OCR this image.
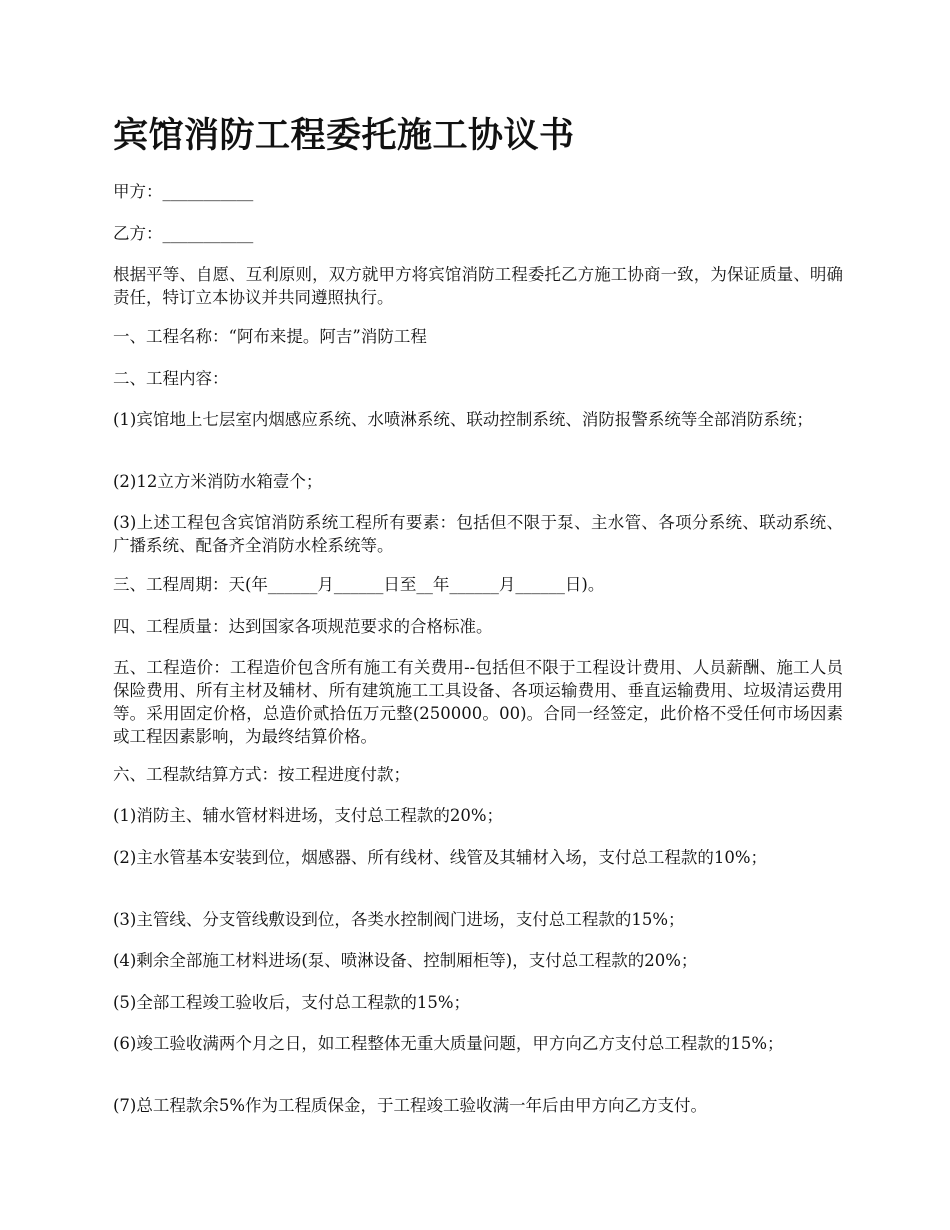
宾馆消防工程委托施工协议书

甲方：___________

乙方：___________

根据平等、自愿、互利原则，双方就甲方将宾馆消防工程委托乙方施工协商一致，为保证质量、明确责任，特订立本协议并共同遵照执行。

一、工程名称：“阿布来提。阿吉”消防工程

二、工程内容：

(1)宾馆地上七层室内烟感应系统、水喷淋系统、联动控制系统、消防报警系统等全部消防系统；

(2)12立方米消防水箱壹个；

(3)上述工程包含宾馆消防系统工程所有要素：包括但不限于泵、主水管、各项分系统、联动系统、广播系统、配备齐全消防水栓系统等。

三、工程周期：天(年______月______日至__年______月______日)。

四、工程质量：达到国家各项规范要求的合格标准。

五、工程造价：工程造价包含所有施工有关费用--包括但不限于工程设计费用、人员薪酬、施工人员保险费用、所有主材及辅材、所有建筑施工工具设备、各项运输费用、垂直运输费用、垃圾清运费用等。采用固定价格，总造价贰拾伍万元整(250000。00)。合同一经签定，此价格不受任何市场因素或工程因素影响，为最终结算价格。

六、工程款结算方式：按工程进度付款；

(1)消防主、辅水管材料进场，支付总工程款的20%；

(2)主水管基本安装到位，烟感器、所有线材、线管及其辅材入场，支付总工程款的10%；

(3)主管线、分支管线敷设到位，各类水控制阀门进场，支付总工程款的15%；

(4)剩余全部施工材料进场(泵、喷淋设备、控制厢柜等)，支付总工程款的20%；

(5)全部工程竣工验收后，支付总工程款的15%；

(6)竣工验收满两个月之日，如工程整体无重大质量问题，甲方向乙方支付总工程款的15%；

(7)总工程款余5%作为工程质保金，于工程竣工验收满一年后由甲方向乙方支付。
